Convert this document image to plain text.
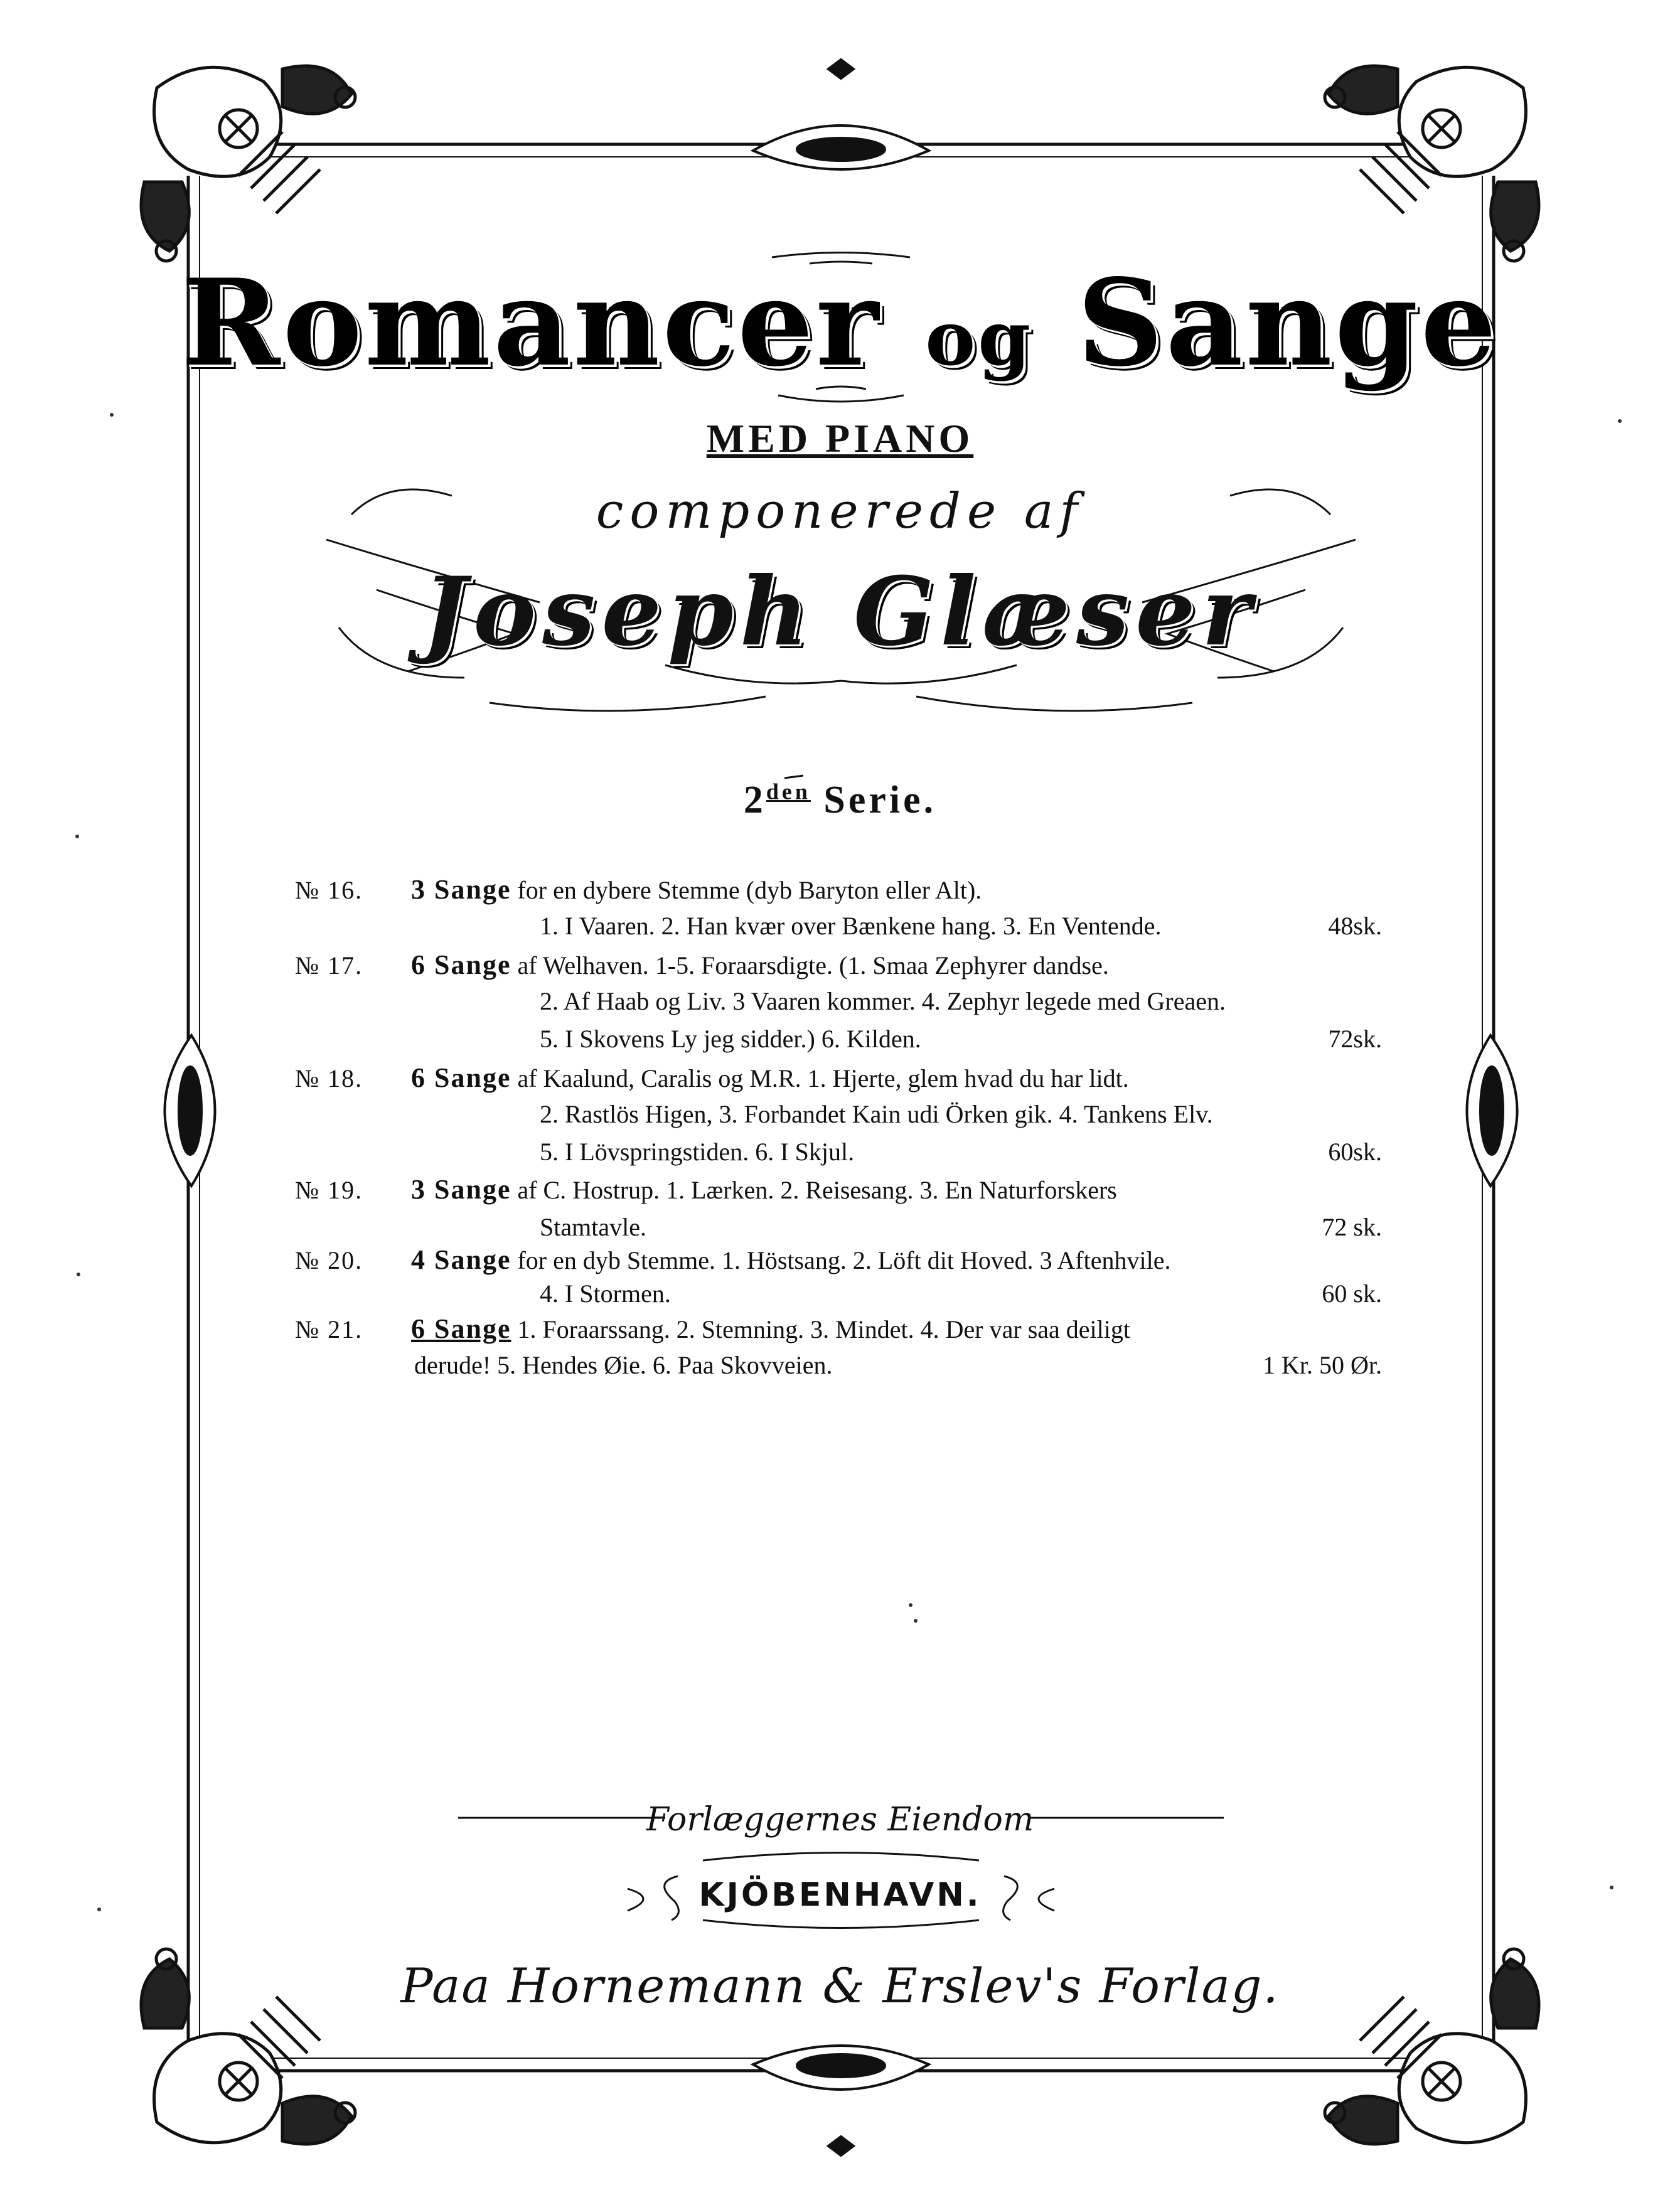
Romancer og Sange
MED PIANO
componerede af
Joseph Glæser
$2^{den}$ Serie.
№ 16. 3 Sange for en dybere Stemme (dyb Baryton eller Alt).
1. I Vaaren. 2. Han kvær over Bænkene hang. 3. En Ventende.	48sk.
№ 17. 6 Sange af Welhaven. 1-5. Foraarsdigte. (1. Smaa Zephyrer dandse.
2. Af Haab og Liv. 3 Vaaren kommer. 4. Zephyr legede med Greaen.
5. I Skovens Ly jeg sidder.) 6. Kilden.	72sk.
№ 18. 6 Sange af Kaalund, Caralis og M.R. 1. Hjerte, glem hvad du har lidt.
2. Rastlös Higen, 3. Forbandet Kain udi Örken gik. 4. Tankens Elv.
5. I Lövspringstiden. 6. I Skjul.	60sk.
№ 19. 3 Sange af C. Hostrup. 1. Lærken. 2. Reisesang. 3. En Naturforskers
Stamtavle.	72 sk.
№ 20. 4 Sange for en dyb Stemme. 1. Höstsang. 2. Löft dit Hoved. 3 Aftenhvile.
4. I Stormen.	60 sk.
№ 21. 6 Sange 1. Foraarssang. 2. Stemning. 3. Mindet. 4. Der var saa deiligt
derude! 5. Hendes Øie. 6. Paa Skovveien.	1 Kr. 50 Ør.
Forlæggernes Eiendom
KJÖBENHAVN.
Paa Hornemann & Erslev's Forlag.
